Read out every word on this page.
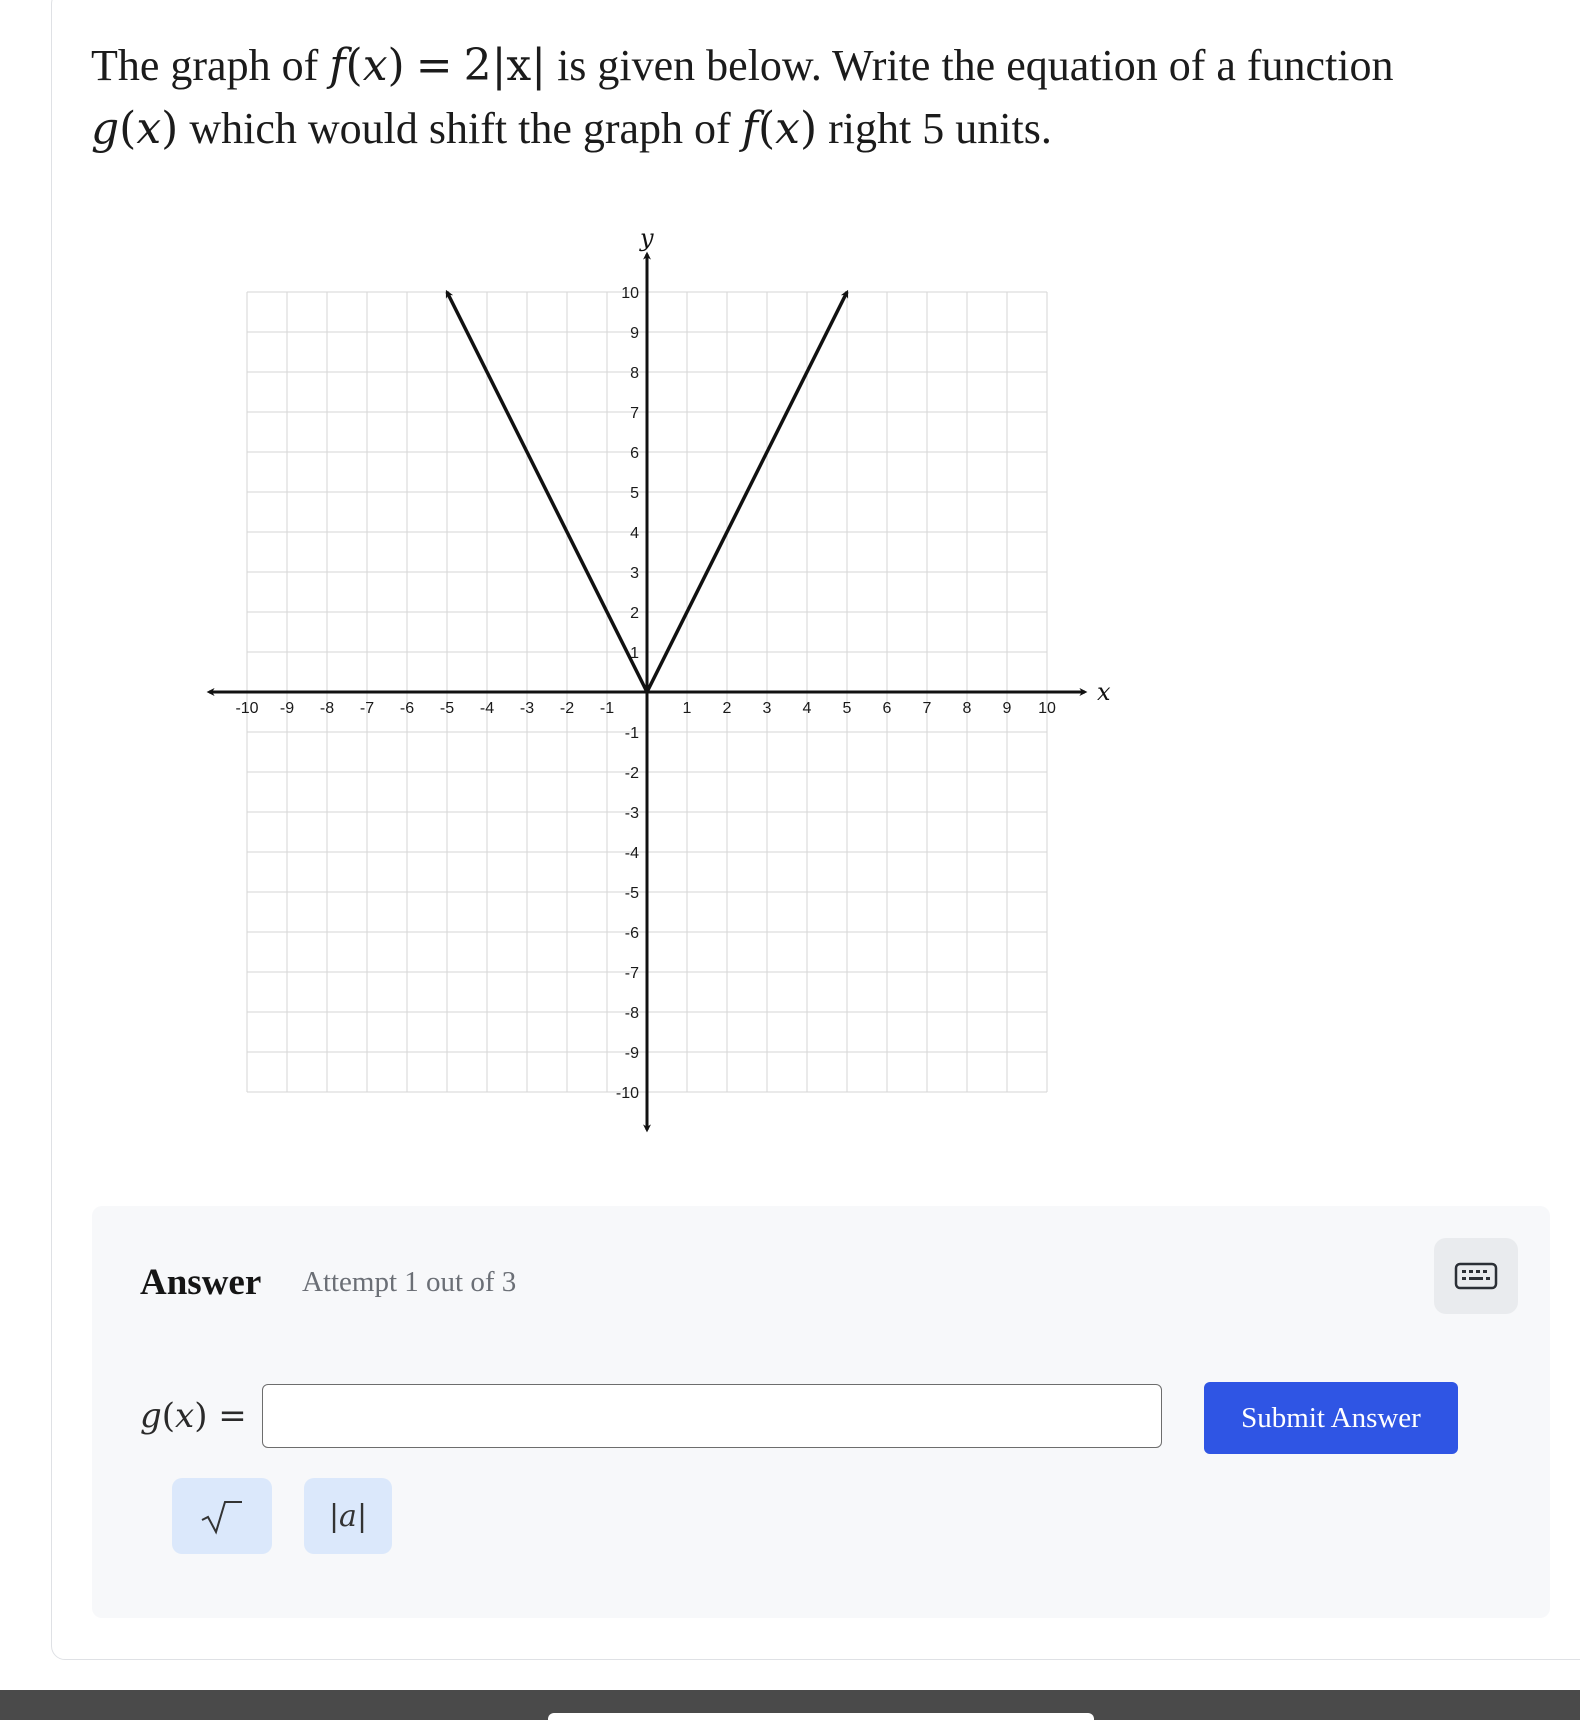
The graph of f(x) = 2|x| is given below. Write the equation of a function
g(x) which would shift the graph of f(x) right 5 units.
x
y
-10 -9 -8 -7 -6 -5 -4 -3 -2 -1	1 2 3 4 5 6 7 8 9 10
10
9
8
7
6
5
4
3
2
1
-1
-2
-3
-4
-5
-6
-7
-8
-9
-10
Answer Attempt 1 out of 3
g(x) =	Submit Answer
| a |
